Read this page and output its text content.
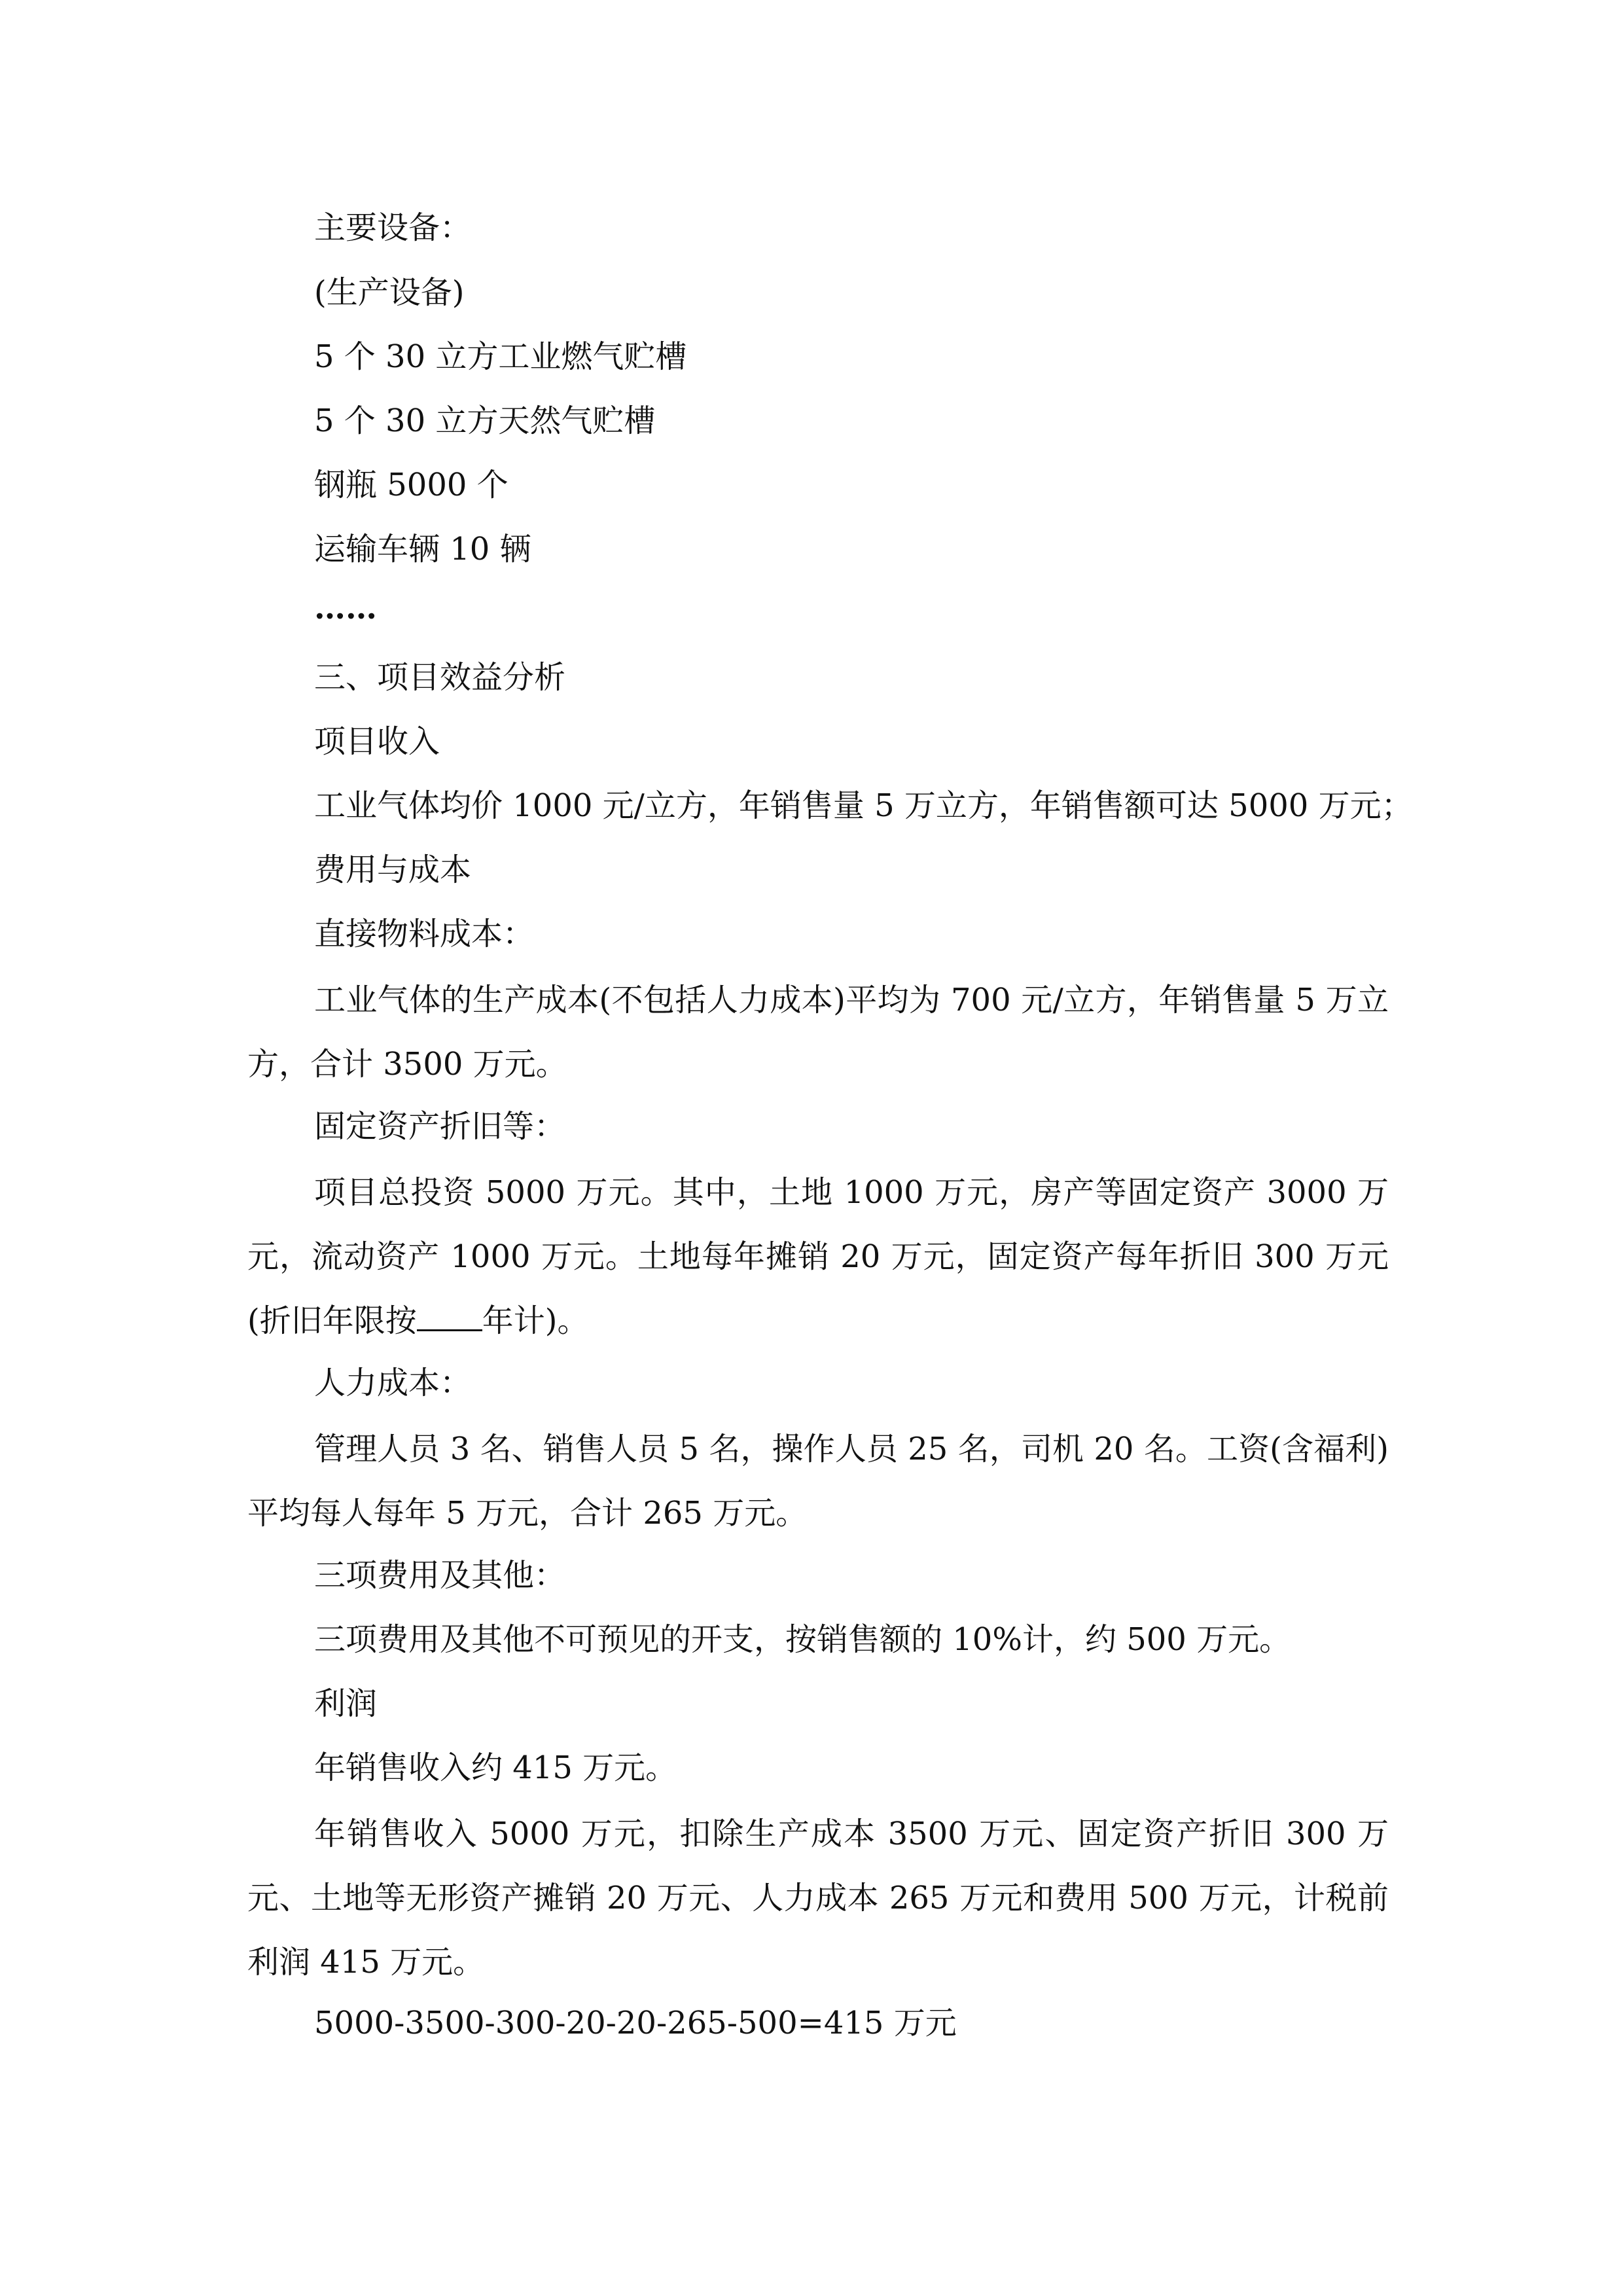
主要设备：
(生产设备)
5 个 30 立方工业燃气贮槽
5 个 30 立方天然气贮槽
钢瓶 5000 个
运输车辆 10 辆
……
三、项目效益分析
项目收入
工业气体均价 1000 元/立方，年销售量 5 万立方，年销售额可达 5000 万元；
费用与成本
直接物料成本：
工业气体的生产成本(不包括人力成本)平均为 700 元/立方，年销售量 5 万立方，合计 3500 万元。
固定资产折旧等：
项目总投资 5000 万元。其中，土地 1000 万元，房产等固定资产 3000 万元，流动资产 1000 万元。土地每年摊销 20 万元，固定资产每年折旧 300 万元(折旧年限按 年计)。
人力成本：
管理人员 3 名、销售人员 5 名，操作人员 25 名，司机 20 名。工资(含福利)平均每人每年 5 万元，合计 265 万元。
三项费用及其他：
三项费用及其他不可预见的开支，按销售额的 10%计，约 500 万元。
利润
年销售收入约 415 万元。
年销售收入 5000 万元，扣除生产成本 3500 万元、固定资产折旧 300 万元、土地等无形资产摊销 20 万元、人力成本 265 万元和费用 500 万元，计税前利润 415 万元。
5000-3500-300-20-20-265-500=415 万元
